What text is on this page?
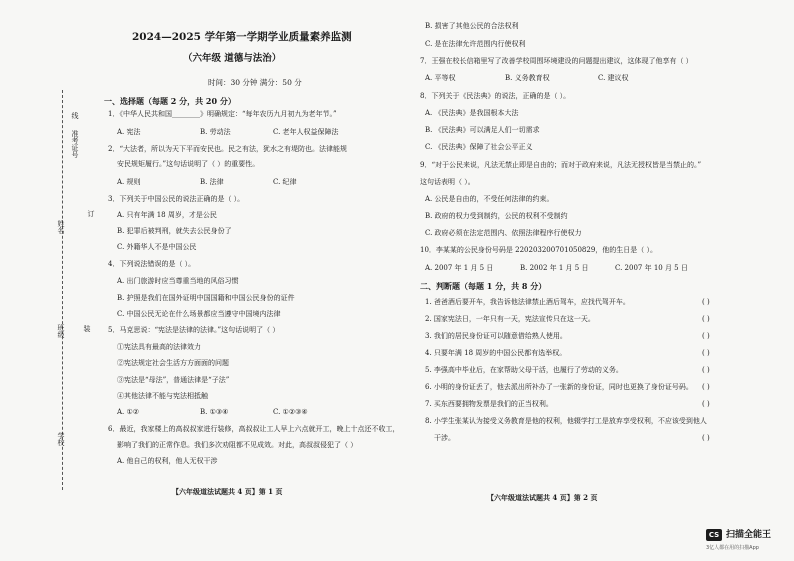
准考证号
线
姓名
订
班级	装
学校
2024—2025 学年第一学期学业质量素养监测
（六年级 道德与法治）
时间：30 分钟 满分：50 分
一、选择题（每题 2 分，共 20 分）
1．《中华人民共和国________》明确规定：“每年农历九月初九为老年节。”
A. 宪法	B. 劳动法	C. 老年人权益保障法
2．“大法者，所以为天下平而安民也。民之有法，犹水之有堤防也。法律能规
安民规矩履行。”这句话说明了（ ）的重要性。
A. 规则	B. 法律	C. 纪律
3．下列关于中国公民的说法正确的是（ ）。
A. 只有年满 18 周岁，才是公民
B. 犯罪后被判刑，就失去公民身份了
C. 外籍华人不是中国公民
4．下列说法错误的是（ ）。
A. 出门旅游时应当尊重当地的风俗习惯
B. 护照是我们在国外证明中国国籍和中国公民身份的证件
C. 中国公民无论在什么场景都应当遵守中国境内法律
5．马克思说：“宪法是法律的法律。”这句话说明了（ ）
①宪法具有最高的法律效力
②宪法规定社会生活方方面面的问题
③宪法是“母法”，普通法律是“子法”
④其他法律不能与宪法相抵触
A. ①②	B. ①③④	C. ①②③④
6．最近，我家楼上的高叔叔家进行装修，高叔叔让工人早上六点就开工，晚上十点还不收工，
影响了我们的正常作息。我们多次劝阻都不见成效。对此，高叔叔侵犯了（ ）
A. 他自己的权利，他人无权干涉
【六年级道法试题共 4 页】第 1 页
B. 损害了其他公民的合法权利
C. 是在法律允许范围内行使权利
7．王强在校长信箱里写了改善学校周围环境建设的问题提出建议，这体现了他享有（ ）
A. 平等权	B. 义务教育权	C. 建议权
8．下列关于《民法典》的说法，正确的是（ ）。
A. 《民法典》是我国根本大法
B. 《民法典》可以满足人们一切需求
C. 《民法典》保障了社会公平正义
9．“对于公民来说，凡法无禁止即是自由的；而对于政府来说，凡法无授权皆是当禁止的。”
这句话表明（ ）。
A. 公民是自由的，不受任何法律的约束。
B. 政府的权力受到制约，公民的权利不受制约
C. 政府必须在法定范围内、依照法律程序行使权力
10．李某某的公民身份号码是 220203200701050829，他的生日是（ ）。
A. 2007 年 1 月 5 日	B. 2002 年 1 月 5 日	C. 2007 年 10 月 5 日
二、判断题（每题 1 分，共 8 分）
1. 爸爸酒后要开车，我告诉他法律禁止酒后驾车，应找代驾开车。	( )
2. 国家宪法日，一年只有一天，宪法宣传只在这一天。	( )
3. 我们的居民身份证可以随意借给熟人使用。	( )
4. 只要年满 18 周岁的中国公民都有选举权。	( )
5. 李强高中毕业后，在家帮助父母干活，也履行了劳动的义务。	( )
6. 小明的身份证丢了，他去派出所补办了一张新的身份证，同时也更换了身份证号码。 ( )
7. 买东西要拥物发票是我们的正当权利。	( )
8. 小学生张某认为接受义务教育是他的权利，他辍学打工是放弃享受权利，不应该受到他人
干涉。	( )
【六年级道法试题共 4 页】第 2 页
CS 扫描全能王
3亿人都在用的扫描App
